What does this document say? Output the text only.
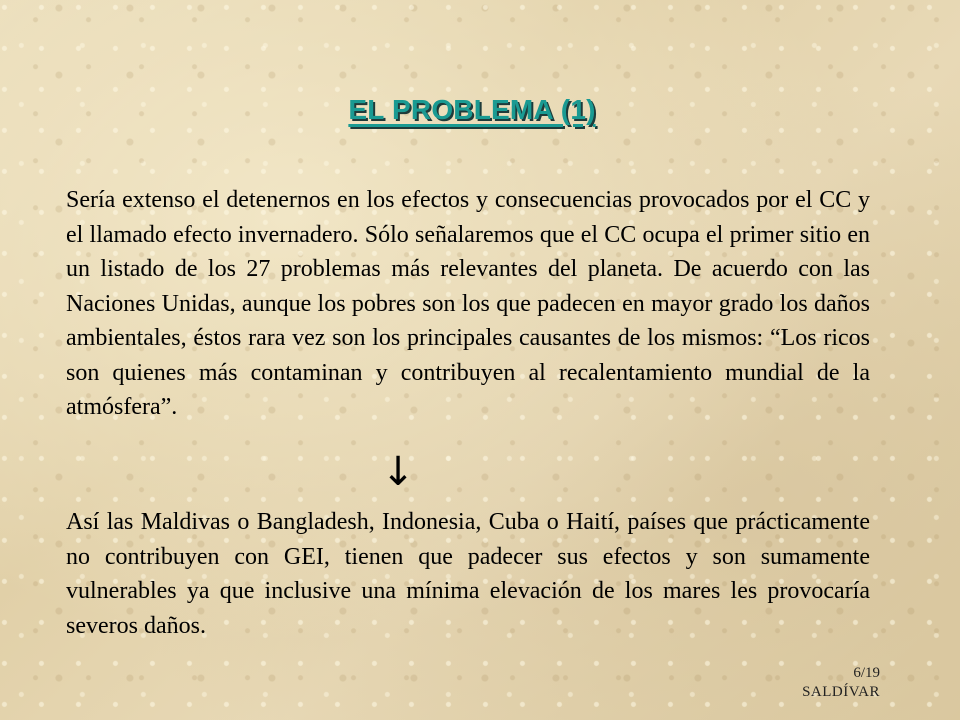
EL PROBLEMA (1)

Sería extenso el detenernos en los efectos y consecuencias provocados por el CC y el llamado efecto invernadero. Sólo señalaremos que el CC ocupa el primer sitio en un listado de los 27 problemas más relevantes del planeta. De acuerdo con las Naciones Unidas, aunque los pobres son los que padecen en mayor grado los daños ambientales, éstos rara vez son los principales causantes de los mismos: “Los ricos son quienes más contaminan y contribuyen al recalentamiento mundial de la atmósfera”.

↓

Así las Maldivas o Bangladesh, Indonesia, Cuba o Haití, países que prácticamente no contribuyen con GEI, tienen que padecer sus efectos y son sumamente vulnerables ya que inclusive una mínima elevación de los mares les provocaría severos daños.

6/19
SALDÍVAR
